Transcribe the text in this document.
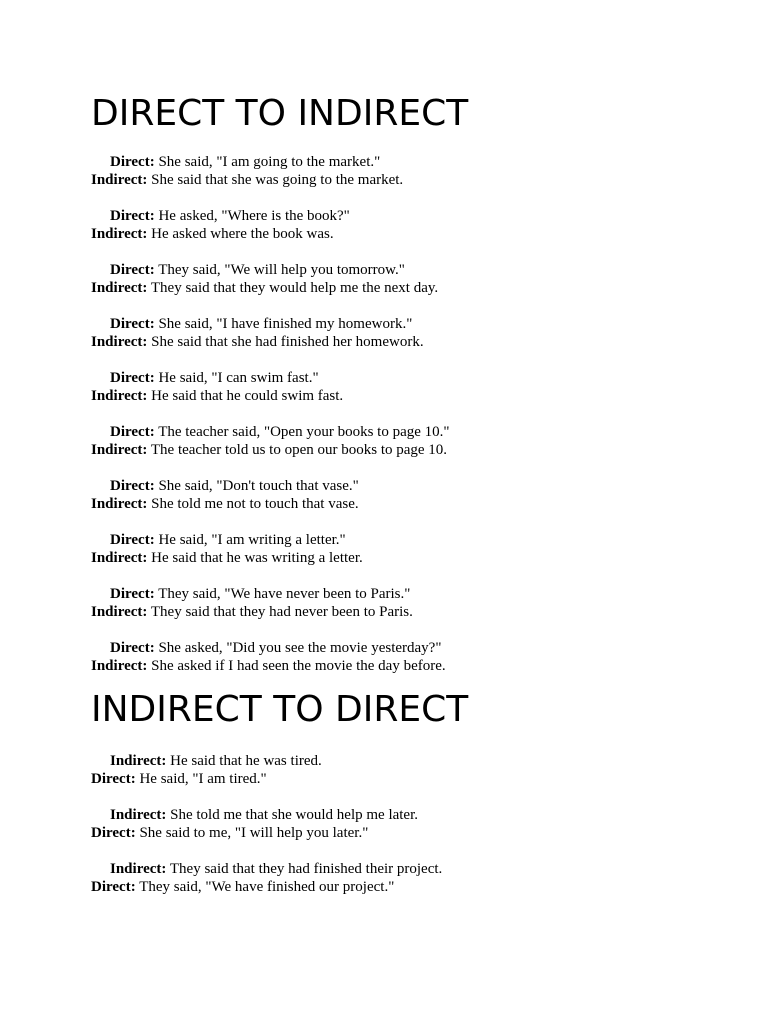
DIRECT TO INDIRECT
Direct: She said, "I am going to the market."
Indirect: She said that she was going to the market.
Direct: He asked, "Where is the book?"
Indirect: He asked where the book was.
Direct: They said, "We will help you tomorrow."
Indirect: They said that they would help me the next day.
Direct: She said, "I have finished my homework."
Indirect: She said that she had finished her homework.
Direct: He said, "I can swim fast."
Indirect: He said that he could swim fast.
Direct: The teacher said, "Open your books to page 10."
Indirect: The teacher told us to open our books to page 10.
Direct: She said, "Don't touch that vase."
Indirect: She told me not to touch that vase.
Direct: He said, "I am writing a letter."
Indirect: He said that he was writing a letter.
Direct: They said, "We have never been to Paris."
Indirect: They said that they had never been to Paris.
Direct: She asked, "Did you see the movie yesterday?"
Indirect: She asked if I had seen the movie the day before.
INDIRECT TO DIRECT
Indirect: He said that he was tired.
Direct: He said, "I am tired."
Indirect: She told me that she would help me later.
Direct: She said to me, "I will help you later."
Indirect: They said that they had finished their project.
Direct: They said, "We have finished our project."
